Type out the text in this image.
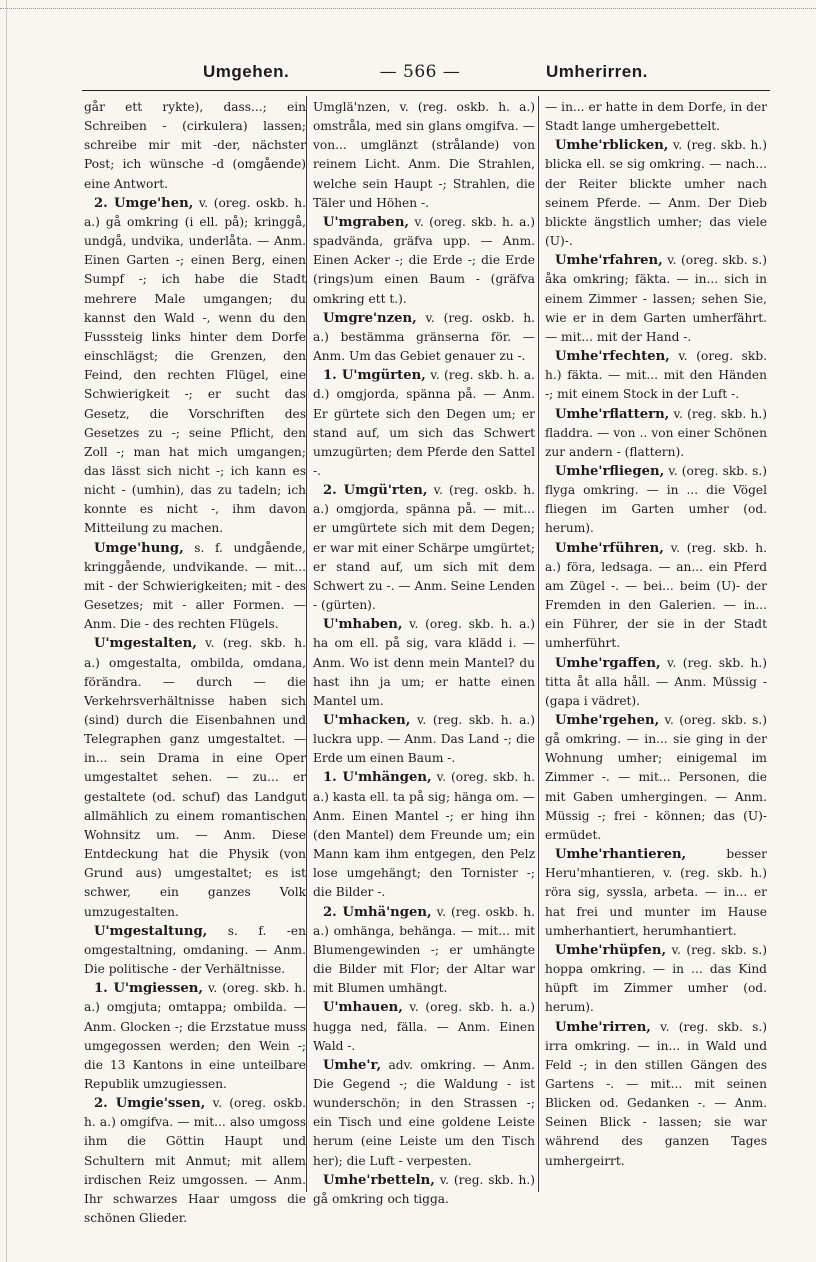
Umgehen.	— 566 —	Umherirren.

går ett rykte), dass...; ein Schreiben - (cirkulera) lassen; schreibe mir mit -der, nächster Post; ich wünsche -d (omgående) eine Antwort.

2. Umge'hen, v. (oreg. oskb. h. a.) gå omkring (i ell. på); kringgå, undgå, undvika, underlåta. — Anm. Einen Garten -; einen Berg, einen Sumpf -; ich habe die Stadt mehrere Male umgangen; du kannst den Wald -, wenn du den Fusssteig links hinter dem Dorfe einschlägst; die Grenzen, den Feind, den rechten Flügel, eine Schwierigkeit -; er sucht das Gesetz, die Vorschriften des Gesetzes zu -; seine Pflicht, den Zoll -; man hat mich umgangen; das lässt sich nicht -; ich kann es nicht - (umhin), das zu tadeln; ich konnte es nicht -, ihm davon Mitteilung zu machen.

Umge'hung, s. f. undgående, kringgående, undvikande. — mit... mit - der Schwierigkeiten; mit - des Gesetzes; mit - aller Formen. — Anm. Die - des rechten Flügels.

U'mgestalten, v. (reg. skb. h. a.) omgestalta, ombilda, omdana, förändra. — durch — die Verkehrsverhältnisse haben sich (sind) durch die Eisenbahnen und Telegraphen ganz umgestaltet. — in... sein Drama in eine Oper umgestaltet sehen. — zu... er gestaltete (od. schuf) das Landgut allmählich zu einem romantischen Wohnsitz um. — Anm. Diese Entdeckung hat die Physik (von Grund aus) umgestaltet; es ist schwer, ein ganzes Volk umzugestalten.

U'mgestaltung, s. f. -en omgestaltning, omdaning. — Anm. Die politische - der Verhältnisse.

1. U'mgiessen, v. (oreg. skb. h. a.) omgjuta; omtappa; ombilda. — Anm. Glocken -; die Erzstatue muss umgegossen werden; den Wein -; die 13 Kantons in eine unteilbare Republik umzugiessen.

2. Umgie'ssen, v. (oreg. oskb. h. a.) omgifva. — mit... also umgoss ihm die Göttin Haupt und Schultern mit Anmut; mit allem irdischen Reiz umgossen. — Anm. Ihr schwarzes Haar umgoss die schönen Glieder.

Umglä'nzen, v. (reg. oskb. h. a.) omstråla, med sin glans omgifva. — von... umglänzt (strålande) von reinem Licht. Anm. Die Strahlen, welche sein Haupt -; Strahlen, die Täler und Höhen -.

U'mgraben, v. (oreg. skb. h. a.) spadvända, gräfva upp. — Anm. Einen Acker -; die Erde -; die Erde (rings)um einen Baum - (gräfva omkring ett t.).

Umgre'nzen, v. (reg. oskb. h. a.) bestämma gränserna för. — Anm. Um das Gebiet genauer zu -.

1. U'mgürten, v. (reg. skb. h. a. d.) omgjorda, spänna på. — Anm. Er gürtete sich den Degen um; er stand auf, um sich das Schwert umzugürten; dem Pferde den Sattel -.

2. Umgü'rten, v. (reg. oskb. h. a.) omgjorda, spänna på. — mit... er umgürtete sich mit dem Degen; er war mit einer Schärpe umgürtet; er stand auf, um sich mit dem Schwert zu -. — Anm. Seine Lenden - (gürten).

U'mhaben, v. (oreg. skb. h. a.) ha om ell. på sig, vara klädd i. — Anm. Wo ist denn mein Mantel? du hast ihn ja um; er hatte einen Mantel um.

U'mhacken, v. (reg. skb. h. a.) luckra upp. — Anm. Das Land -; die Erde um einen Baum -.

1. U'mhängen, v. (oreg. skb. h. a.) kasta ell. ta på sig; hänga om. — Anm. Einen Mantel -; er hing ihn (den Mantel) dem Freunde um; ein Mann kam ihm entgegen, den Pelz lose umgehängt; den Tornister -; die Bilder -.

2. Umhä'ngen, v. (reg. oskb. h. a.) omhänga, behänga. — mit... mit Blumengewinden -; er umhängte die Bilder mit Flor; der Altar war mit Blumen umhängt.

U'mhauen, v. (oreg. skb. h. a.) hugga ned, fälla. — Anm. Einen Wald -.

Umhe'r, adv. omkring. — Anm. Die Gegend -; die Waldung - ist wunderschön; in den Strassen -; ein Tisch und eine goldene Leiste herum (eine Leiste um den Tisch her); die Luft - verpesten.

Umhe'rbetteln, v. (reg. skb. h.) gå omkring och tigga.

— in... er hatte in dem Dorfe, in der Stadt lange umhergebettelt.

Umhe'rblicken, v. (reg. skb. h.) blicka ell. se sig omkring. — nach... der Reiter blickte umher nach seinem Pferde. — Anm. Der Dieb blickte ängstlich umher; das viele (U)-.

Umhe'rfahren, v. (oreg. skb. s.) åka omkring; fäkta. — in... sich in einem Zimmer - lassen; sehen Sie, wie er in dem Garten umherfährt. — mit... mit der Hand -.

Umhe'rfechten, v. (oreg. skb. h.) fäkta. — mit... mit den Händen -; mit einem Stock in der Luft -.

Umhe'rflattern, v. (reg. skb. h.) fladdra. — von .. von einer Schönen zur andern - (flattern).

Umhe'rfliegen, v. (oreg. skb. s.) flyga omkring. — in ... die Vögel fliegen im Garten umher (od. herum).

Umhe'rführen, v. (reg. skb. h. a.) föra, ledsaga. — an... ein Pferd am Zügel -. — bei... beim (U)- der Fremden in den Galerien. — in... ein Führer, der sie in der Stadt umherführt.

Umhe'rgaffen, v. (reg. skb. h.) titta åt alla håll. — Anm. Müssig - (gapa i vädret).

Umhe'rgehen, v. (oreg. skb. s.) gå omkring. — in... sie ging in der Wohnung umher; einigemal im Zimmer -. — mit... Personen, die mit Gaben umhergingen. — Anm. Müssig -; frei - können; das (U)- ermüdet.

Umhe'rhantieren, besser Heru'mhantieren, v. (reg. skb. h.) röra sig, syssla, arbeta. — in... er hat frei und munter im Hause umherhantiert, herumhantiert.

Umhe'rhüpfen, v. (reg. skb. s.) hoppa omkring. — in ... das Kind hüpft im Zimmer umher (od. herum).

Umhe'rirren, v. (reg. skb. s.) irra omkring. — in... in Wald und Feld -; in den stillen Gängen des Gartens -. — mit... mit seinen Blicken od. Gedanken -. — Anm. Seinen Blick - lassen; sie war während des ganzen Tages umhergeirrt.
